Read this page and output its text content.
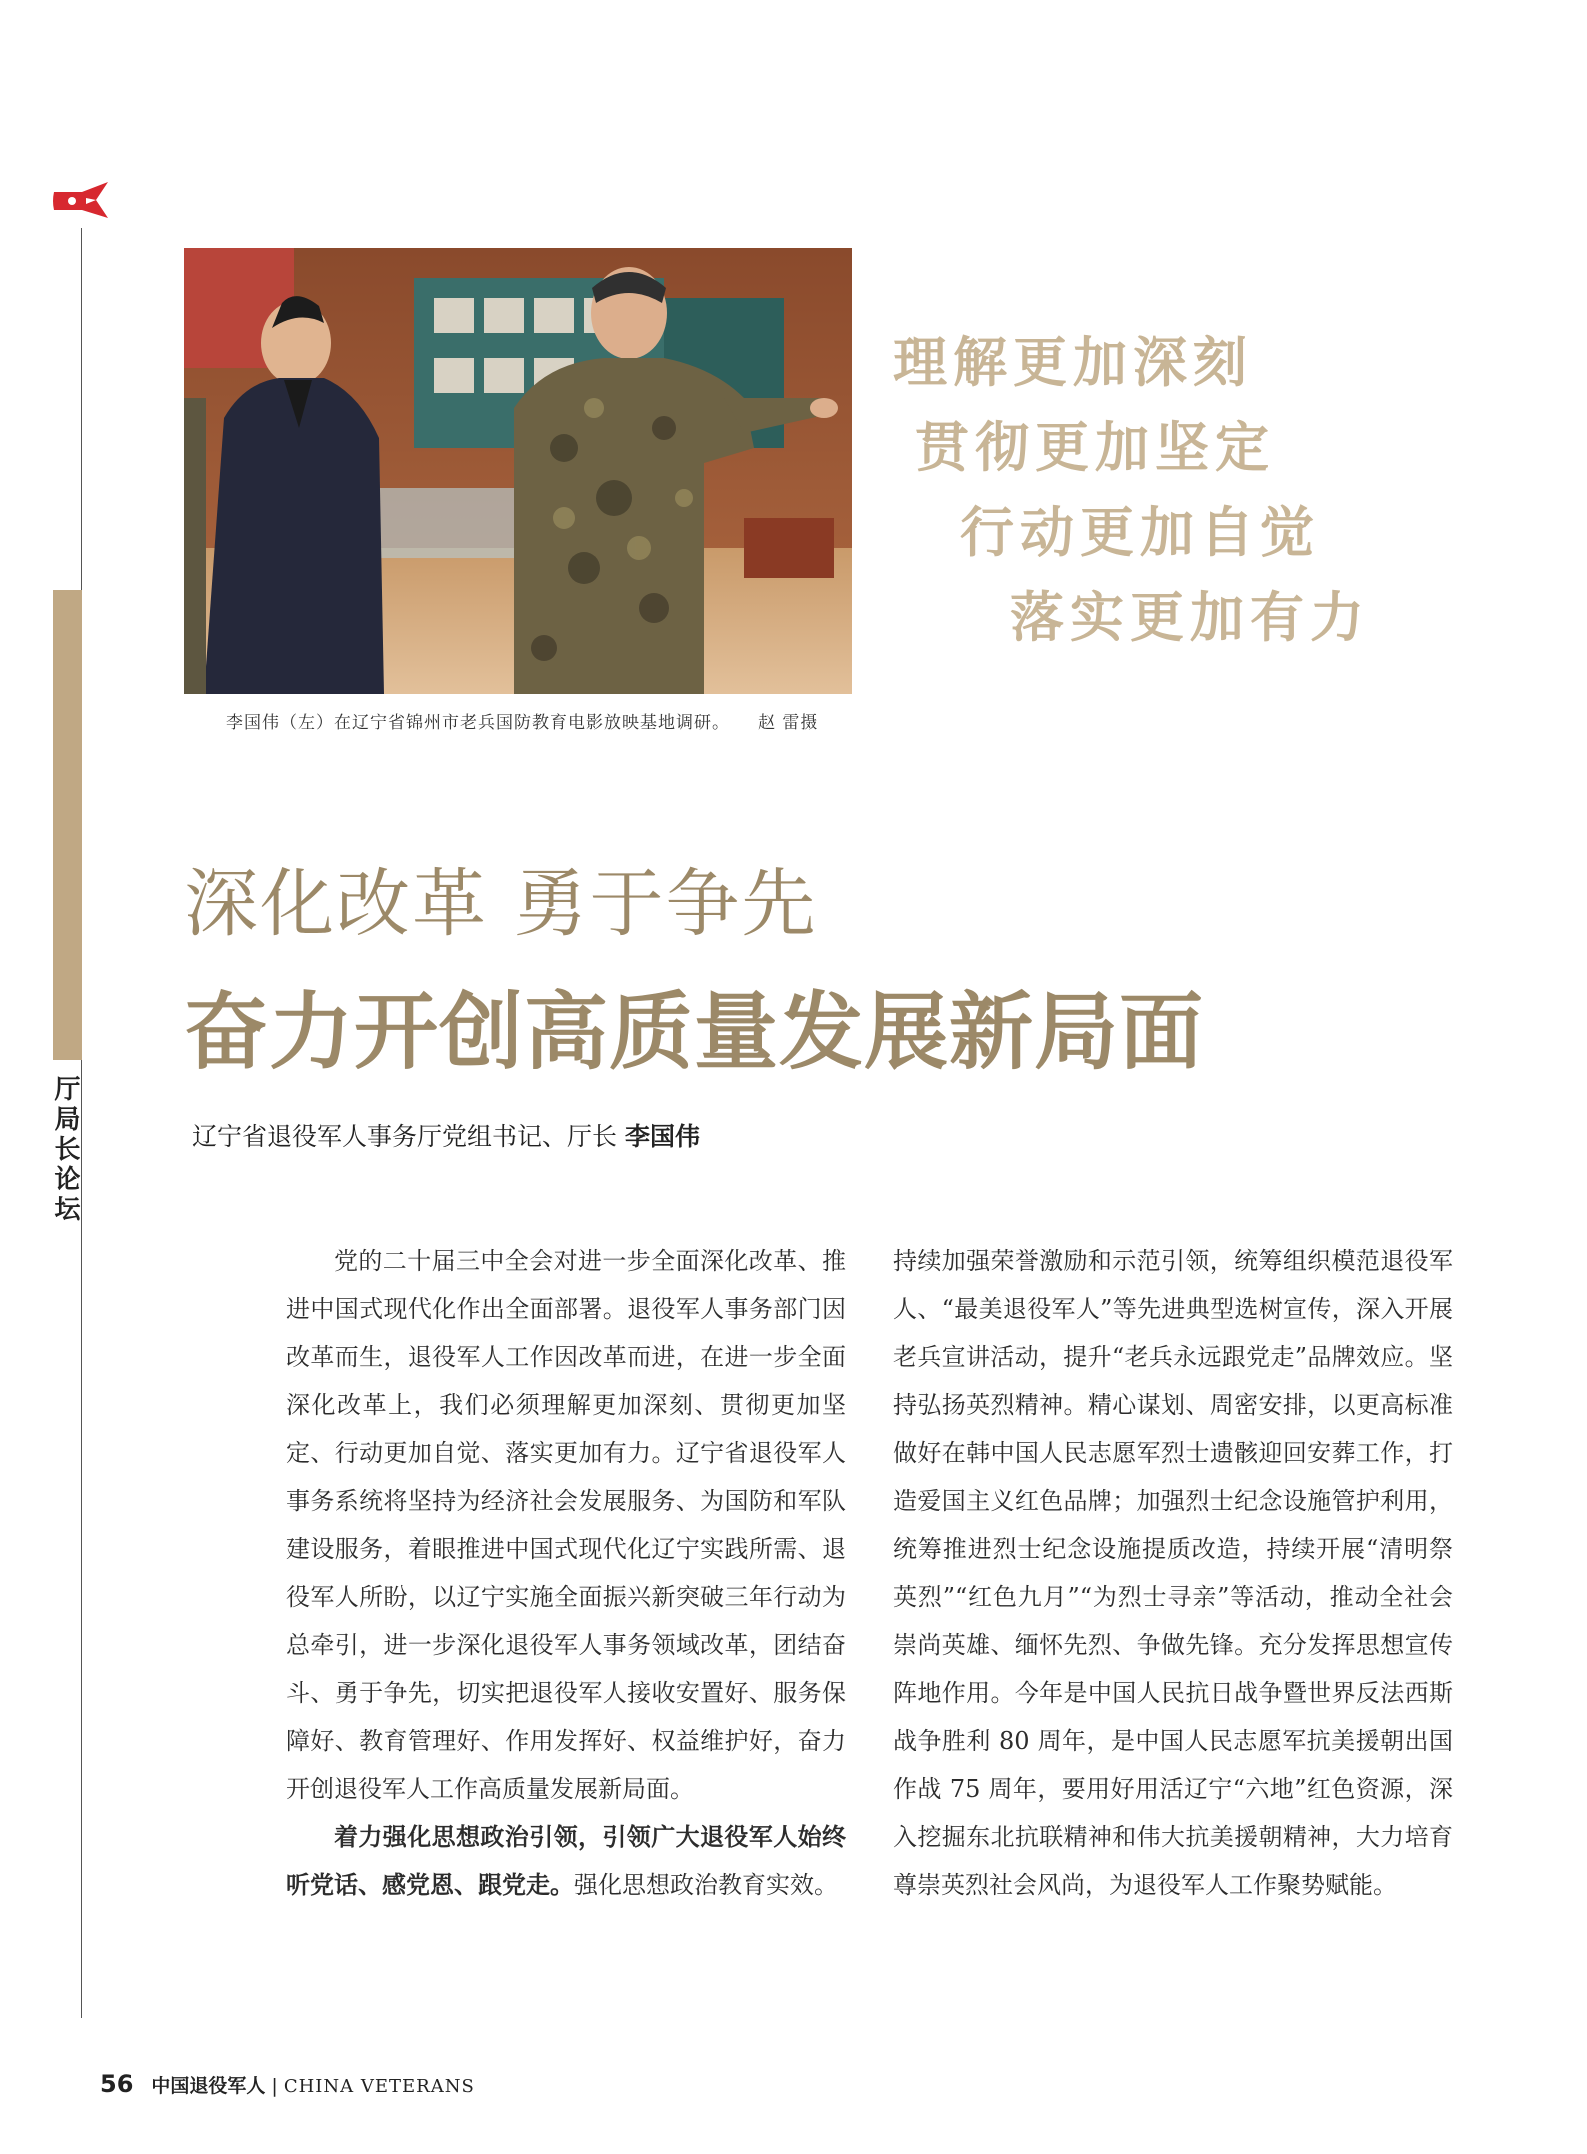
厅局长论坛
李国伟（左）在辽宁省锦州市老兵国防教育电影放映基地调研。 赵 雷摄
理解更加深刻
贯彻更加坚定
行动更加自觉
落实更加有力
深化改革 勇于争先
奋力开创高质量发展新局面
辽宁省退役军人事务厅党组书记、厅长 李国伟

党的二十届三中全会对进一步全面深化改革、推进中国式现代化作出全面部署。退役军人事务部门因改革而生，退役军人工作因改革而进，在进一步全面深化改革上，我们必须理解更加深刻、贯彻更加坚定、行动更加自觉、落实更加有力。辽宁省退役军人事务系统将坚持为经济社会发展服务、为国防和军队建设服务，着眼推进中国式现代化辽宁实践所需、退役军人所盼，以辽宁实施全面振兴新突破三年行动为总牵引，进一步深化退役军人事务领域改革，团结奋斗、勇于争先，切实把退役军人接收安置好、服务保障好、教育管理好、作用发挥好、权益维护好，奋力开创退役军人工作高质量发展新局面。

着力强化思想政治引领，引领广大退役军人始终听党话、感党恩、跟党走。强化思想政治教育实效。

持续加强荣誉激励和示范引领，统筹组织模范退役军人、“最美退役军人”等先进典型选树宣传，深入开展老兵宣讲活动，提升“老兵永远跟党走”品牌效应。坚持弘扬英烈精神。精心谋划、周密安排，以更高标准做好在韩中国人民志愿军烈士遗骸迎回安葬工作，打造爱国主义红色品牌；加强烈士纪念设施管护利用，统筹推进烈士纪念设施提质改造，持续开展“清明祭英烈”“红色九月”“为烈士寻亲”等活动，推动全社会崇尚英雄、缅怀先烈、争做先锋。充分发挥思想宣传阵地作用。今年是中国人民抗日战争暨世界反法西斯战争胜利 80 周年，是中国人民志愿军抗美援朝出国作战 75 周年，要用好用活辽宁“六地”红色资源，深入挖掘东北抗联精神和伟大抗美援朝精神，大力培育尊崇英烈社会风尚，为退役军人工作聚势赋能。

56 中国退役军人 | CHINA VETERANS
